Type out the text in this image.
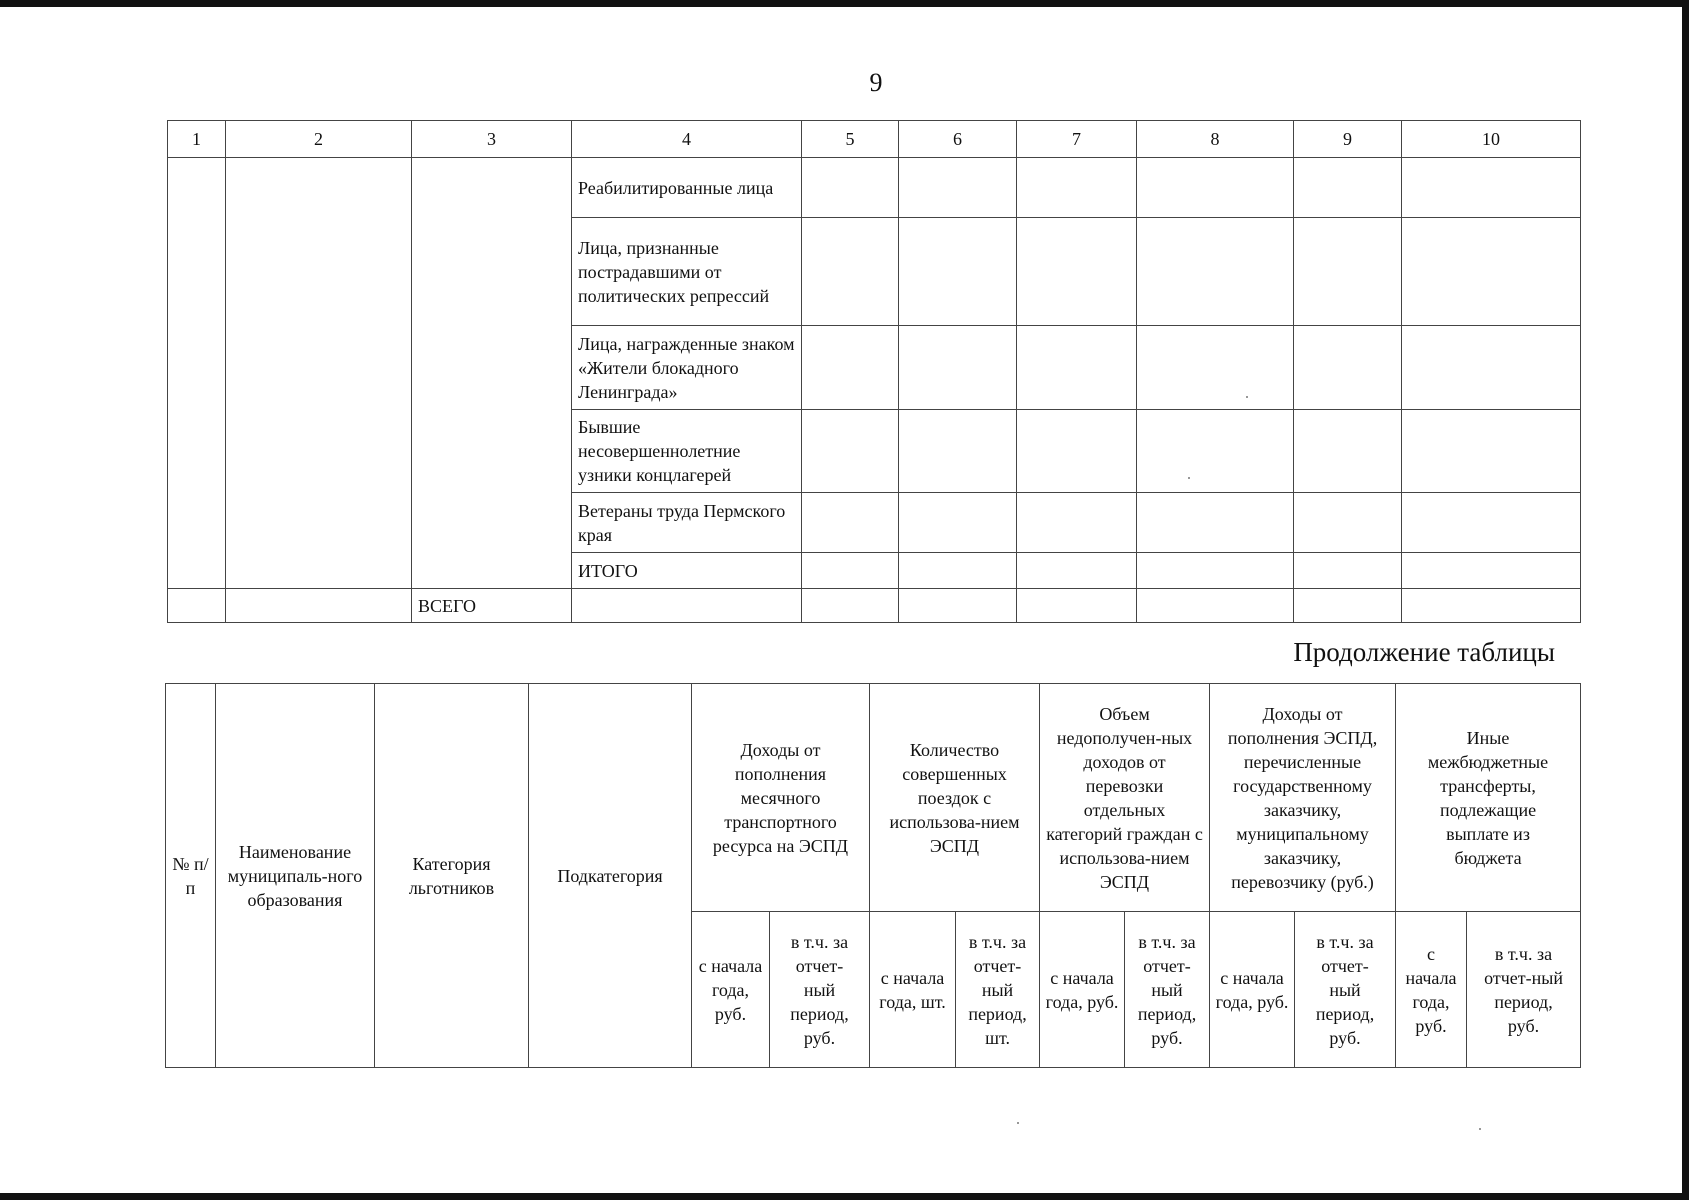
9
1	2	3	4	5	6	7	8	9	10
			Реабилитированные лица						
			Лица, признанные пострадавшими от политических репрессий						
			Лица, награжденные знаком «Жители блокадного Ленинграда»						
			Бывшие несовершеннолетние узники концлагерей						
			Ветераны труда Пермского края						
			ИТОГО						
		ВСЕГО							
Продолжение таблицы
№ п/п	Наименование муниципаль-ного образования	Категория льготников	Подкатегория	Доходы от пополнения месячного транспортного ресурса на ЭСПД		Количество совершенных поездок с использова-нием ЭСПД		Объем недополучен-ных доходов от перевозки отдельных категорий граждан с использова-нием ЭСПД		Доходы от пополнения ЭСПД, перечисленные государственному заказчику, муниципальному заказчику, перевозчику (руб.)		Иные межбюджетные трансферты, подлежащие выплате из бюджета	
				с начала года, руб.	в т.ч. за отчет-ный период, руб.	с начала года, шт.	в т.ч. за отчет-ный период, шт.	с начала года, руб.	в т.ч. за отчет-ный период, руб.	с начала года, руб.	в т.ч. за отчет-ный период, руб.	с начала года, руб.	в т.ч. за отчет-ный период, руб.
